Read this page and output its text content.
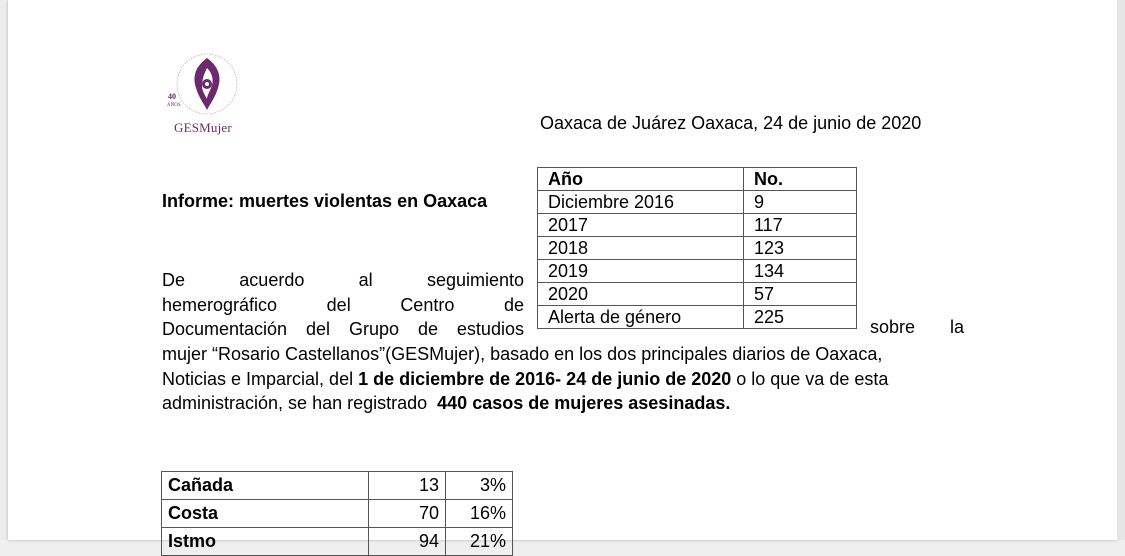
40
AÑOS
GESMujer	Oaxaca de Juárez Oaxaca, 24 de junio de 2020
Informe: muertes violentas en Oaxaca
Año	No.
Diciembre 2016	9
2017	117
2018	123
2019	134
2020	57
Alerta de género	225
De	acuerdo	al	seguimiento
hemerográfico	del	Centro	de
Documentación del Grupo de estudios	sobre la
mujer “Rosario Castellanos”(GESMujer), basado en los dos principales diarios de Oaxaca,
Noticias e Imparcial, del 1 de diciembre de 2016- 24 de junio de 2020 o lo que va de esta
administración, se han registrado  440 casos de mujeres asesinadas.
Cañada	13	3%
Costa	70	16%
Istmo	94	21%
